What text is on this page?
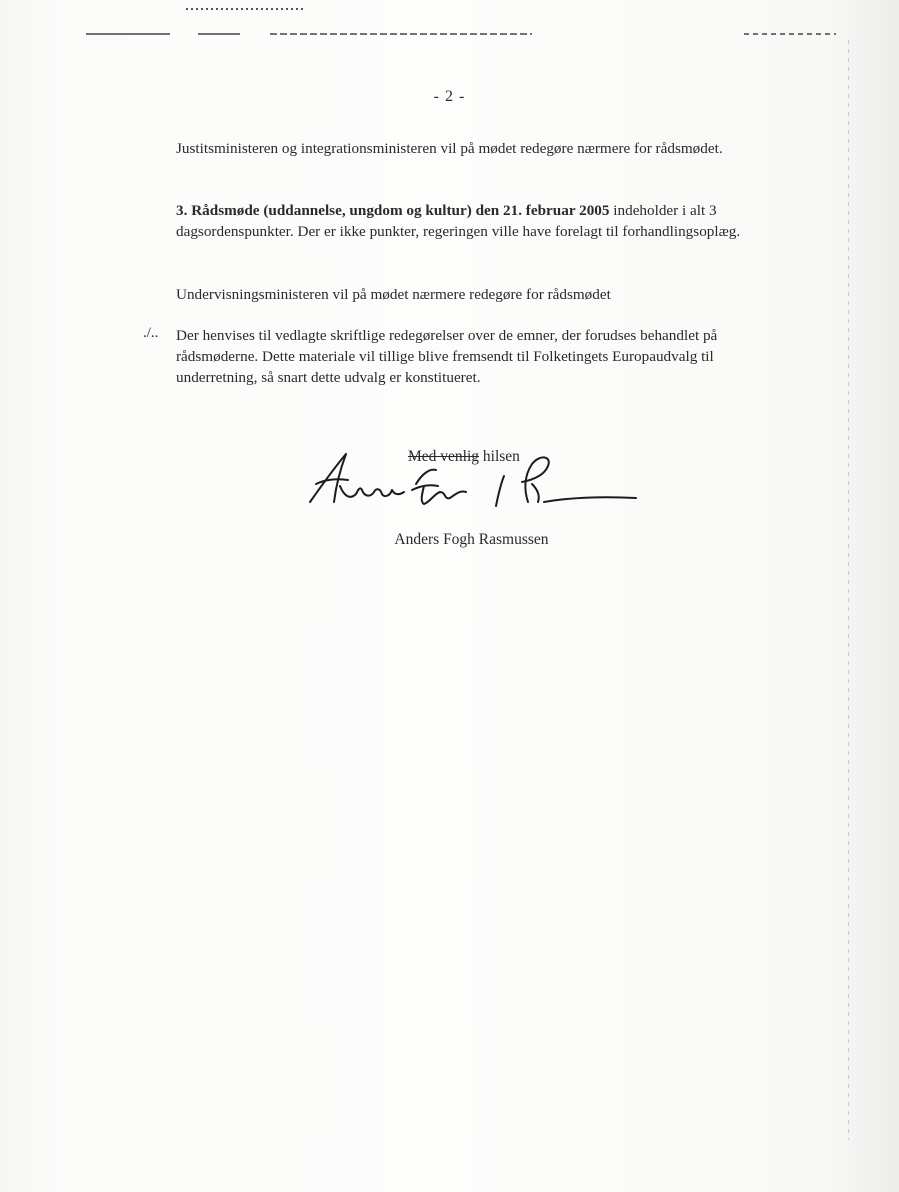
- 2 -

Justitsministeren og integrationsministeren vil på mødet redegøre nærmere for rådsmødet.

3. Rådsmøde (uddannelse, ungdom og kultur) den 21. februar 2005 indeholder i alt 3 dagsordenspunkter. Der er ikke punkter, regeringen ville have forelagt til forhandlingsoplæg.

Undervisningsministeren vil på mødet nærmere redegøre for rådsmødet

./.. Der henvises til vedlagte skriftlige redegørelser over de emner, der forudses behandlet på rådsmøderne. Dette materiale vil tillige blive fremsendt til Folketingets Europaudvalg til underretning, så snart dette udvalg er konstitueret.

Med venlig hilsen
Anders Fogh Rasmussen
